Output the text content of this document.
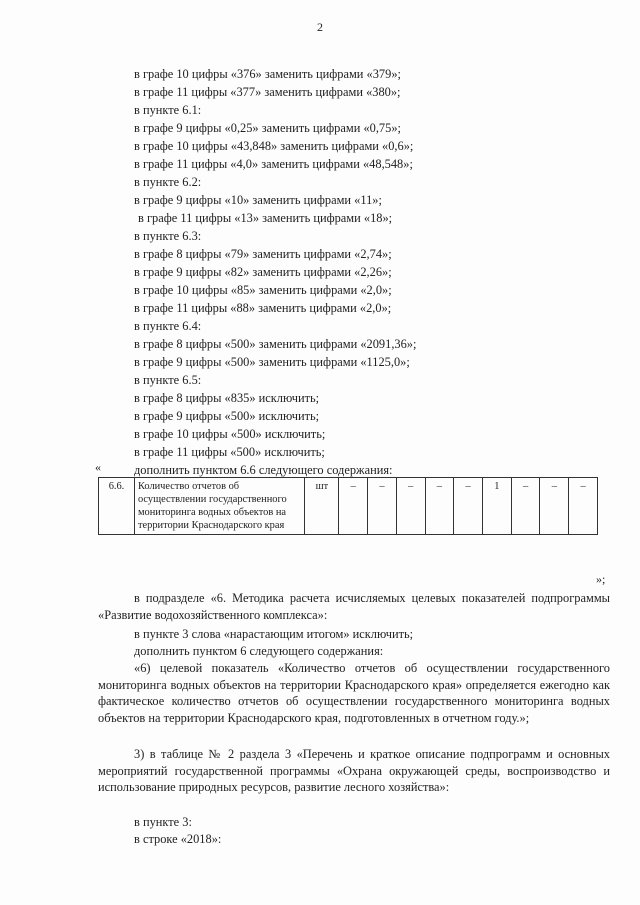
2
в графе 10 цифры «376» заменить цифрами «379»;
в графе 11 цифры «377» заменить цифрами «380»;
в пункте 6.1:
в графе 9 цифры «0,25» заменить цифрами «0,75»;
в графе 10 цифры «43,848» заменить цифрами «0,6»;
в графе 11 цифры «4,0» заменить цифрами «48,548»;
в пункте 6.2:
в графе 9 цифры «10» заменить цифрами «11»;
в графе 11 цифры «13» заменить цифрами «18»;
в пункте 6.3:
в графе 8 цифры «79» заменить цифрами «2,74»;
в графе 9 цифры «82» заменить цифрами «2,26»;
в графе 10 цифры «85» заменить цифрами «2,0»;
в графе 11 цифры «88» заменить цифрами «2,0»;
в пункте 6.4:
в графе 8 цифры «500» заменить цифрами «2091,36»;
в графе 9 цифры «500» заменить цифрами «1125,0»;
в пункте 6.5:
в графе 8 цифры «835» исключить;
в графе 9 цифры «500» исключить;
в графе 10 цифры «500» исключить;
в графе 11 цифры «500» исключить;
дополнить пунктом 6.6 следующего содержания:
«
6.6.	Количество отчетов об осуществлении государственного мониторинга водных объектов на территории Краснодарского края	шт	–	–	–	–	–	1	–	–	–
»;
в подразделе «6. Методика расчета исчисляемых целевых показателей подпрограммы «Развитие водохозяйственного комплекса»:
в пункте 3 слова «нарастающим итогом» исключить;
дополнить пунктом 6 следующего содержания:
«6) целевой показатель «Количество отчетов об осуществлении государственного мониторинга водных объектов на территории Краснодарского края» определяется ежегодно как фактическое количество отчетов об осуществлении государственного мониторинга водных объектов на территории Краснодарского края, подготовленных в отчетном году.»;
3) в таблице № 2 раздела 3 «Перечень и краткое описание подпрограмм и основных мероприятий государственной программы «Охрана окружающей среды, воспроизводство и использование природных ресурсов, развитие лесного хозяйства»:
в пункте 3:
в строке «2018»:
